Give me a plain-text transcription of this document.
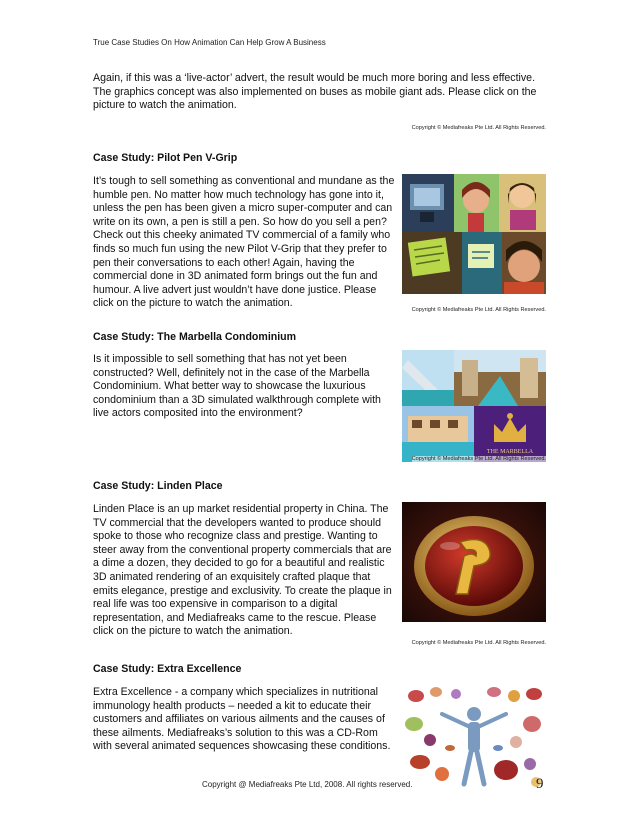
True Case Studies On How Animation Can Help Grow A Business
Again, if this was a ‘live-actor’ advert, the result would be much more boring and less effective. The graphics concept was also implemented on buses as mobile giant ads. Please click on the picture to watch the animation.
Copyright © Mediafreaks Pte Ltd. All Rights Reserved.
Case Study: Pilot Pen V-Grip
It’s tough to sell something as conventional and mundane as the humble pen. No matter how much technology has gone into it, unless the pen has been given a micro super-computer and can write on its own, a pen is still a pen. So how do you sell a pen? Check out this cheeky animated TV commercial of a family who finds so much fun using the new Pilot V-Grip that they prefer to pen their conversations to each other! Again, having the commercial done in 3D animated form brings out the fun and humour. A live advert just wouldn’t have done justice. Please click on the picture to watch the animation.
Copyright © Mediafreaks Pte Ltd. All Rights Reserved.
Case Study: The Marbella Condominium
Is it impossible to sell something that has not yet been constructed? Well, definitely not in the case of the Marbella Condominium. What better way to showcase the luxurious condominium than a 3D simulated walkthrough complete with live actors composited into the environment?
THE MARBELLA
Copyright © Mediafreaks Pte Ltd. All Rights Reserved.
Case Study: Linden Place
Linden Place is an up market residential property in China. The TV commercial that the developers wanted to produce should spoke to those who recognize class and prestige. Wanting to steer away from the conventional property commercials that are a dime a dozen, they decided to go for a beautiful and realistic 3D animated rendering of an exquisitely crafted plaque that emits elegance, prestige and exclusivity. To create the plaque in real life was too expensive in comparison to a digital representation, and Mediafreaks came to the rescue. Please click on the picture to watch the animation.
Copyright © Mediafreaks Pte Ltd. All Rights Reserved.
Case Study: Extra Excellence
Extra Excellence - a company which specializes in nutritional immunology health products – needed a kit to educate their customers and affiliates on various ailments and the causes of these ailments. Mediafreaks’s solution to this was a CD-Rom with several animated sequences showcasing these conditions.
Copyright @ Mediafreaks Pte Ltd, 2008. All rights reserved.	9
